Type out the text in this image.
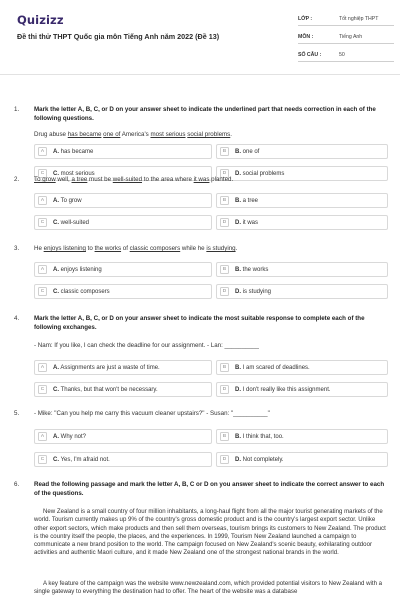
Quizizz
Đề thi thử THPT Quốc gia môn Tiếng Anh năm 2022 (Đề 13)
LỚP :	Tốt nghiệp THPT
MÔN :	Tiếng Anh
SỐ CÂU :	50
1. Mark the letter A, B, C, or D on your answer sheet to indicate the underlined part that needs correction in each of the following questions.
Drug abuse has became one of America's most serious social problems.
A	A. has became	B	B. one of
C	C. most serious	D	D. social problems
2. To grow well, a tree must be well-suited to the area where it was planted.
A	A. To grow	B	B. a tree
C	C. well-suited	D	D. it was
3. He enjoys listening to the works of classic composers while he is studying.
A	A. enjoys listening	B	B. the works
C	C. classic composers	D	D. is studying
4. Mark the letter A, B, C, or D on your answer sheet to indicate the most suitable response to complete each of the following exchanges.
- Nam: If you like, I can check the deadline for our assignment. - Lan: __________
A	A. Assignments are just a waste of time.	B	B. I am scared of deadlines.
C	C. Thanks, but that won't be necessary.	D	D. I don't really like this assignment.
5. - Mike: "Can you help me carry this vacuum cleaner upstairs?" - Susan: "__________"
A	A. Why not?	B	B. I think that, too.
C	C. Yes, I'm afraid not.	D	D. Not completely.
6. Read the following passage and mark the letter A, B, C or D on you answer sheet to indicate the correct answer to each of the questions.
New Zealand is a small country of four million inhabitants, a long-haul flight from all the major tourist generating markets of the world. Tourism currently makes up 9% of the country's gross domestic product and is the country's largest export sector. Unlike other export sectors, which make products and then sell them overseas, tourism brings its customers to New Zealand. The product is the country itself the people, the places, and the experiences. In 1999, Tourism New Zealand launched a campaign to communicate a new brand position to the world. The campaign focused on New Zealand's scenic beauty, exhilarating outdoor activities and authentic Maori culture, and it made New Zealand one of the strongest national brands in the world.
A key feature of the campaign was the website www.newzealand.com, which provided potential visitors to New Zealand with a single gateway to everything the destination had to offer. The heart of the website was a database
